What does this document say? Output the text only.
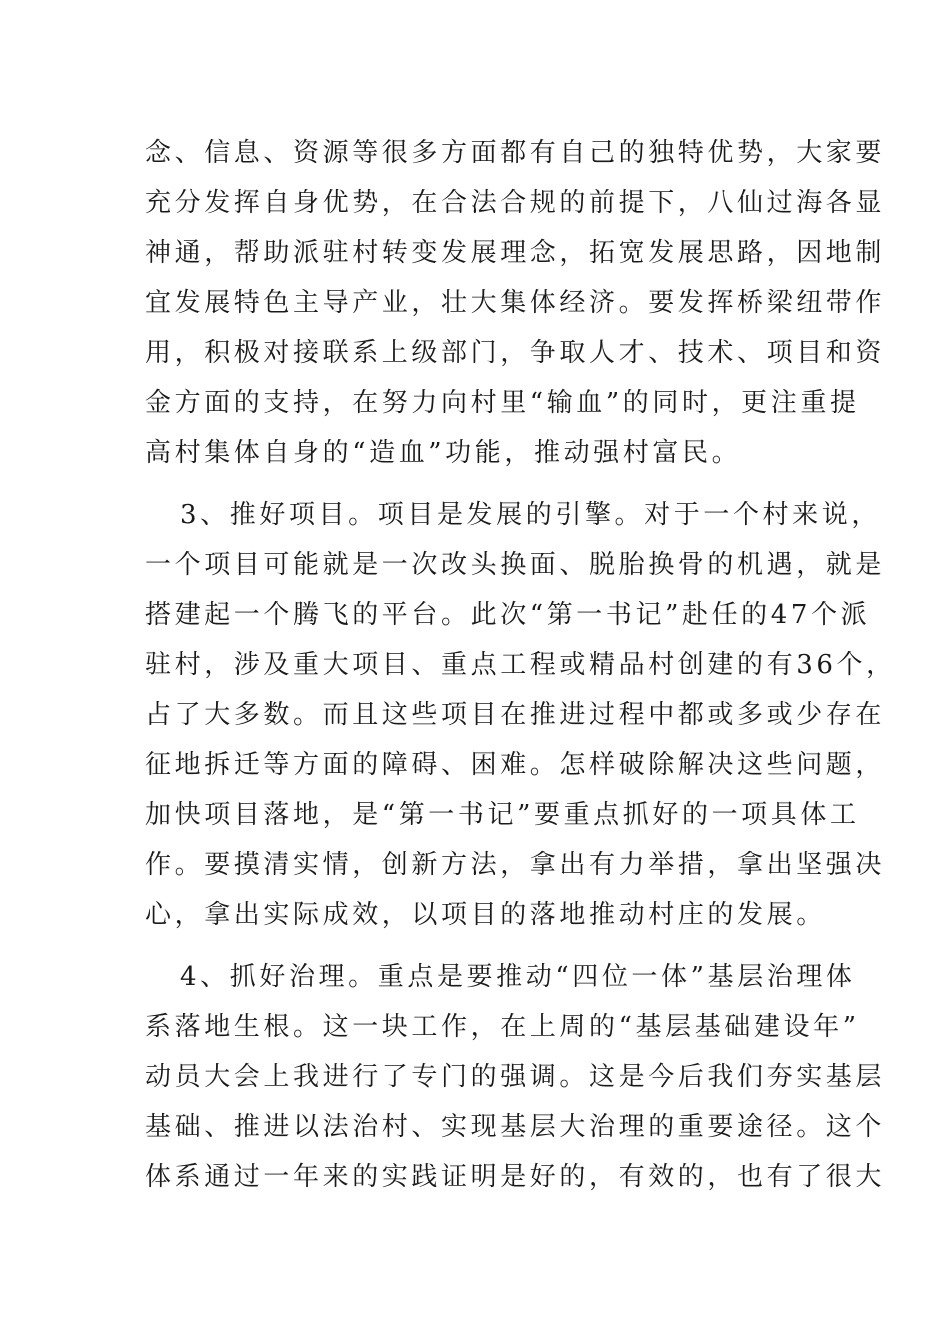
念、信息、资源等很多方面都有自己的独特优势，大家要
充分发挥自身优势，在合法合规的前提下，八仙过海各显
神通，帮助派驻村转变发展理念，拓宽发展思路，因地制
宜发展特色主导产业，壮大集体经济。要发挥桥梁纽带作
用，积极对接联系上级部门，争取人才、技术、项目和资
金方面的支持，在努力向村里“输血”的同时，更注重提
高村集体自身的“造血”功能，推动强村富民。
3、推好项目。项目是发展的引擎。对于一个村来说，
一个项目可能就是一次改头换面、脱胎换骨的机遇，就是
搭建起一个腾飞的平台。此次“第一书记”赴任的47个派
驻村，涉及重大项目、重点工程或精品村创建的有36个，
占了大多数。而且这些项目在推进过程中都或多或少存在
征地拆迁等方面的障碍、困难。怎样破除解决这些问题，
加快项目落地，是“第一书记”要重点抓好的一项具体工
作。要摸清实情，创新方法，拿出有力举措，拿出坚强决
心，拿出实际成效，以项目的落地推动村庄的发展。
4、抓好治理。重点是要推动“四位一体”基层治理体
系落地生根。这一块工作，在上周的“基层基础建设年”
动员大会上我进行了专门的强调。这是今后我们夯实基层
基础、推进以法治村、实现基层大治理的重要途径。这个
体系通过一年来的实践证明是好的，有效的，也有了很大
